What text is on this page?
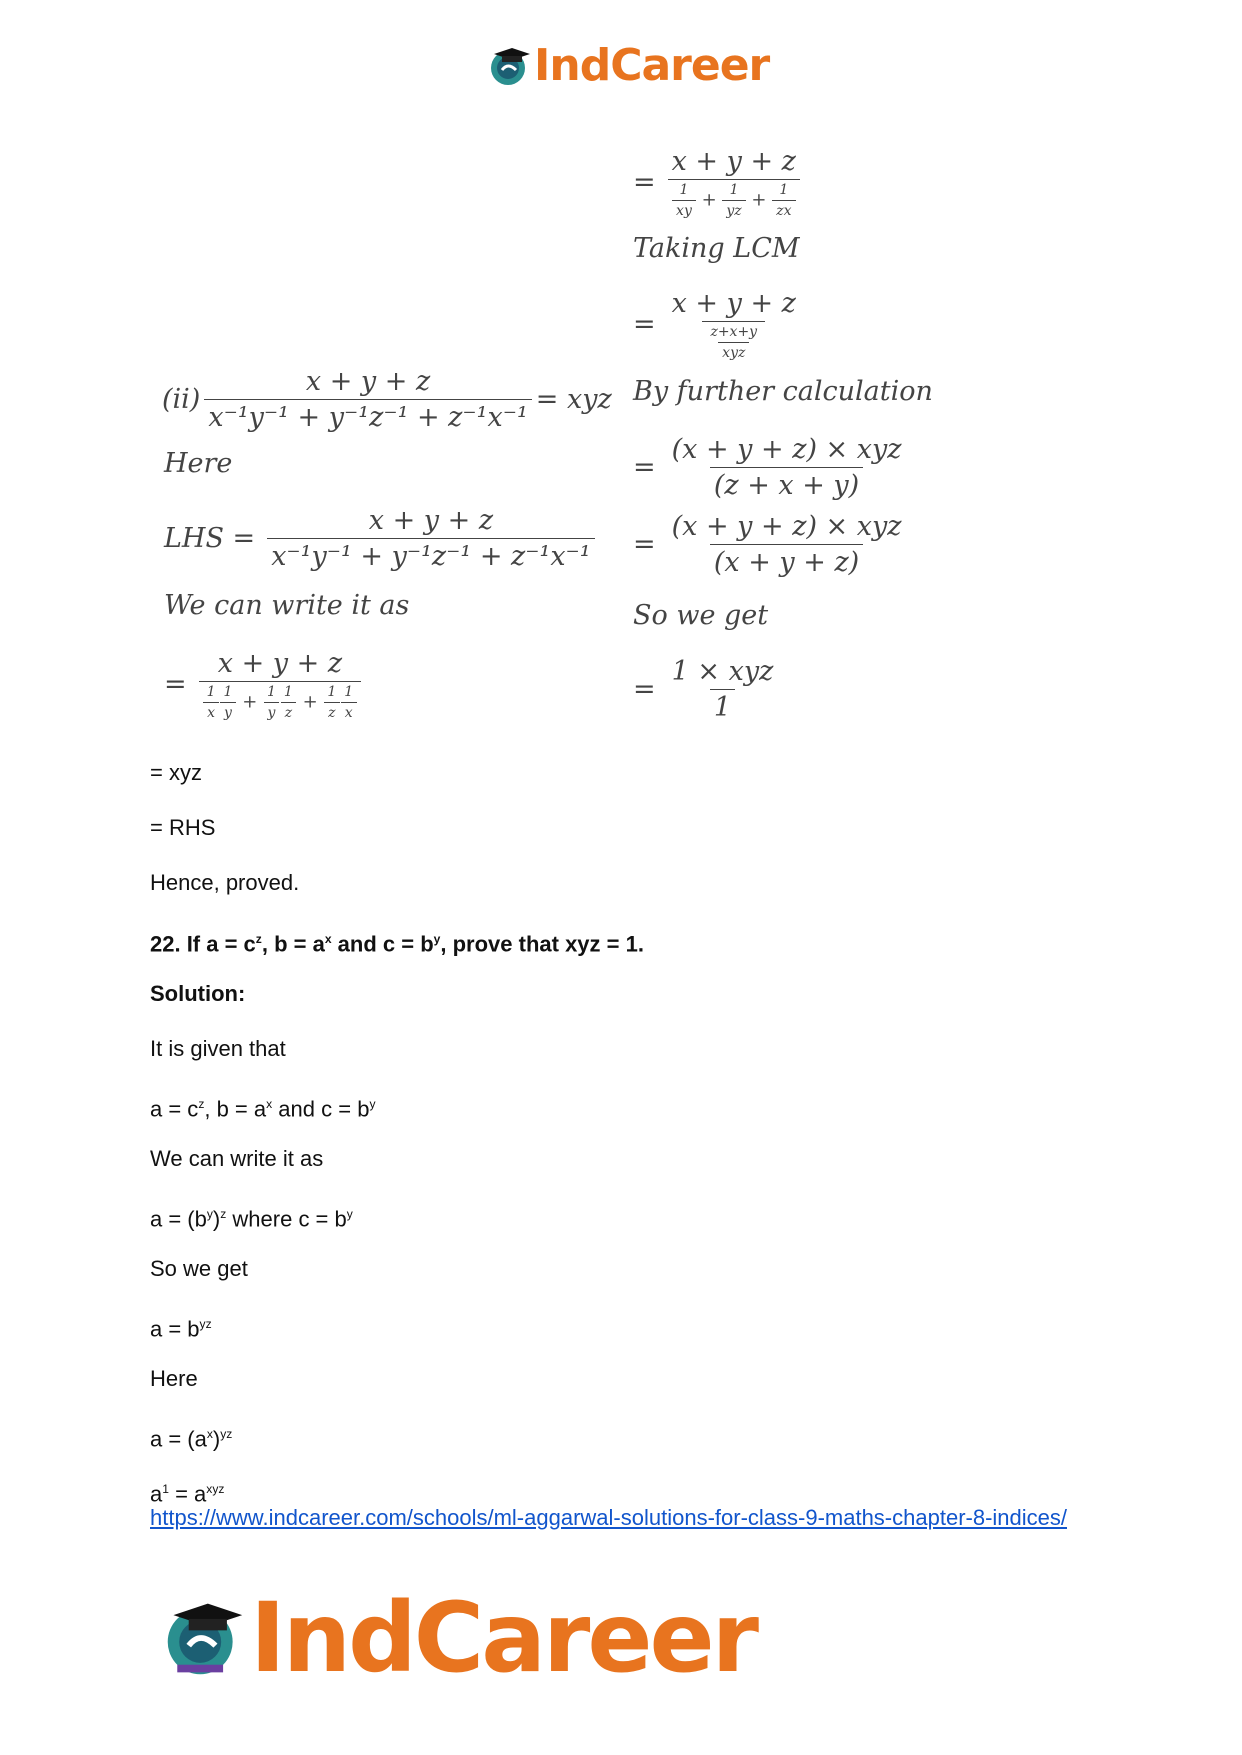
IndCareer
$(ii) \frac{x + y + z}{\text{x⁻¹y⁻¹ + y⁻¹z⁻¹ + z⁻¹x⁻¹}}$ = xyz
Here
LHS = $\frac{x + y + z}{\text{x⁻¹y⁻¹ + y⁻¹z⁻¹ + z⁻¹x⁻¹}}$
We can write it as
= $\frac{x + y + z}{\frac{1}{x} \frac{1}{y} + \frac{1}{y} \frac{1}{z} + \frac{1}{z} \frac{1}{x}}$
= $\frac{x + y + z}{\frac{1}{xy} + \frac{1}{yz} + \frac{1}{zx}}$
Taking LCM
= $\frac{x + y + z}{\frac{z+x+y}{\text{xyz}}}$
By further calculation
= $\frac{\text{(x + y + z) × xyz}}{(z + x + y)}$
= $\frac{\text{(x + y + z) × xyz}}{(x + y + z)}$
So we get
= $\frac{\text{1 × xyz}}{1}$
= xyz
= RHS
Hence, proved.
22. If $a = c^z$, $b = a^x$ and $c = b^y$, prove that xyz = 1.
Solution:
It is given that
$a = c^z$, $b = a^x$ and $c = b^y$
We can write it as
$a = (b^y)^z$ where $c = b^y$
So we get
$a = b^{yz}$
Here
$a = (a^x)^{yz}$
$a^1 = a^{xyz}$
https://www.indcareer.com/schools/ml-aggarwal-solutions-for-class-9-maths-chapter-8-indices/
IndCareer
